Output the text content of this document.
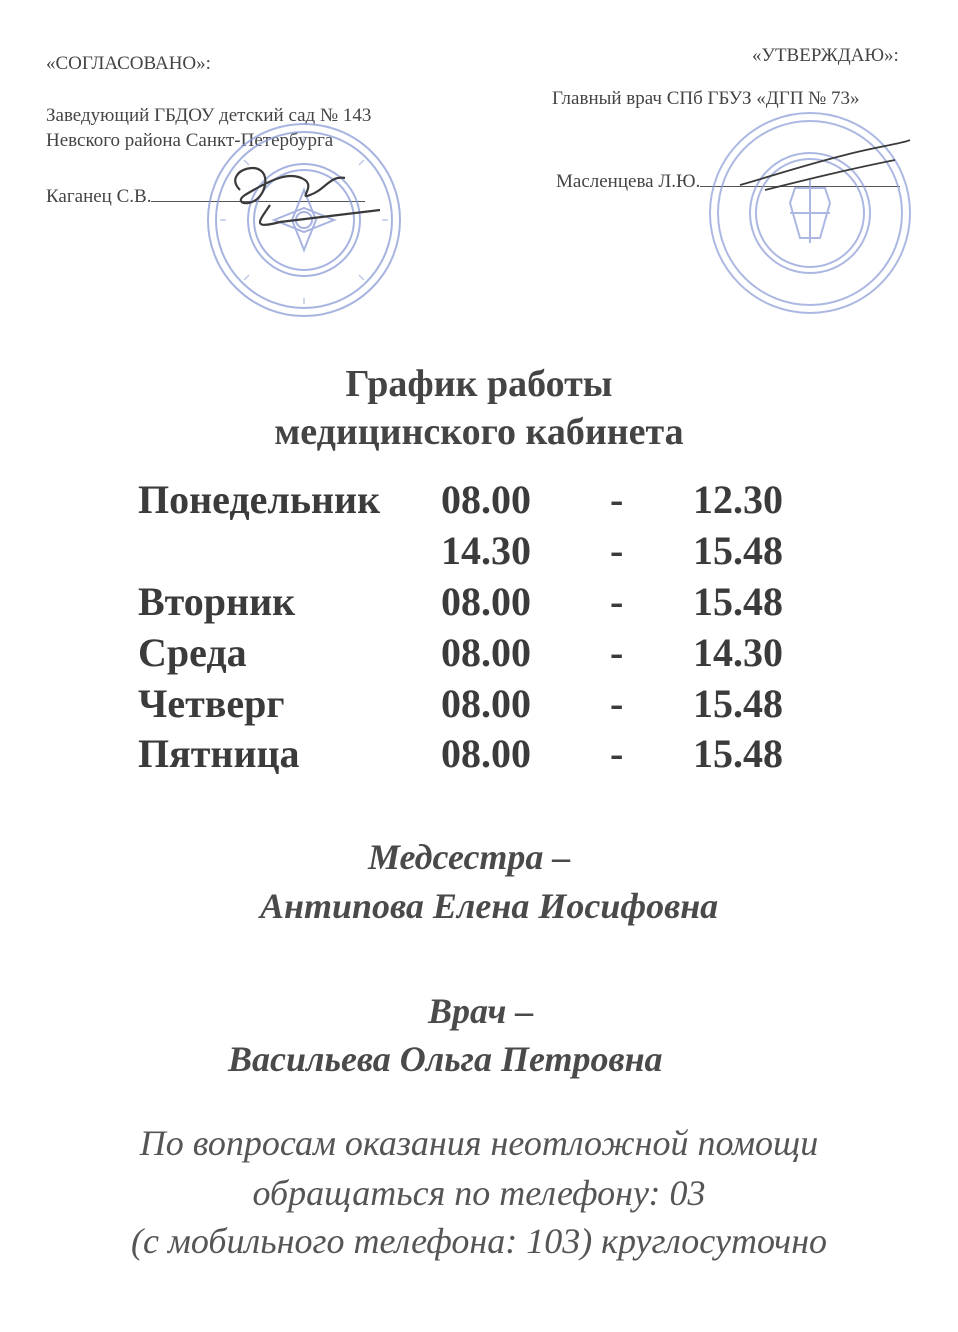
«СОГЛАСОВАНО»:
Заведующий ГБДОУ детский сад № 143
Невского района Санкт-Петербурга
Каганец С.В.
«УТВЕРЖДАЮ»:
Главный врач СПб ГБУЗ «ДГП № 73»
Масленцева Л.Ю.
График работы
медицинского кабинета
Понедельник 08.00 - 12.30
14.30 - 15.48
Вторник	08.00 - 15.48
Среда	08.00 - 14.30
Четверг	08.00 - 15.48
Пятница	08.00 - 15.48
Медсестра –
Антипова Елена Иосифовна
Врач –
Васильева Ольга Петровна
По вопросам оказания неотложной помощи
обращаться по телефону: 03
(с мобильного телефона: 103) круглосуточно
